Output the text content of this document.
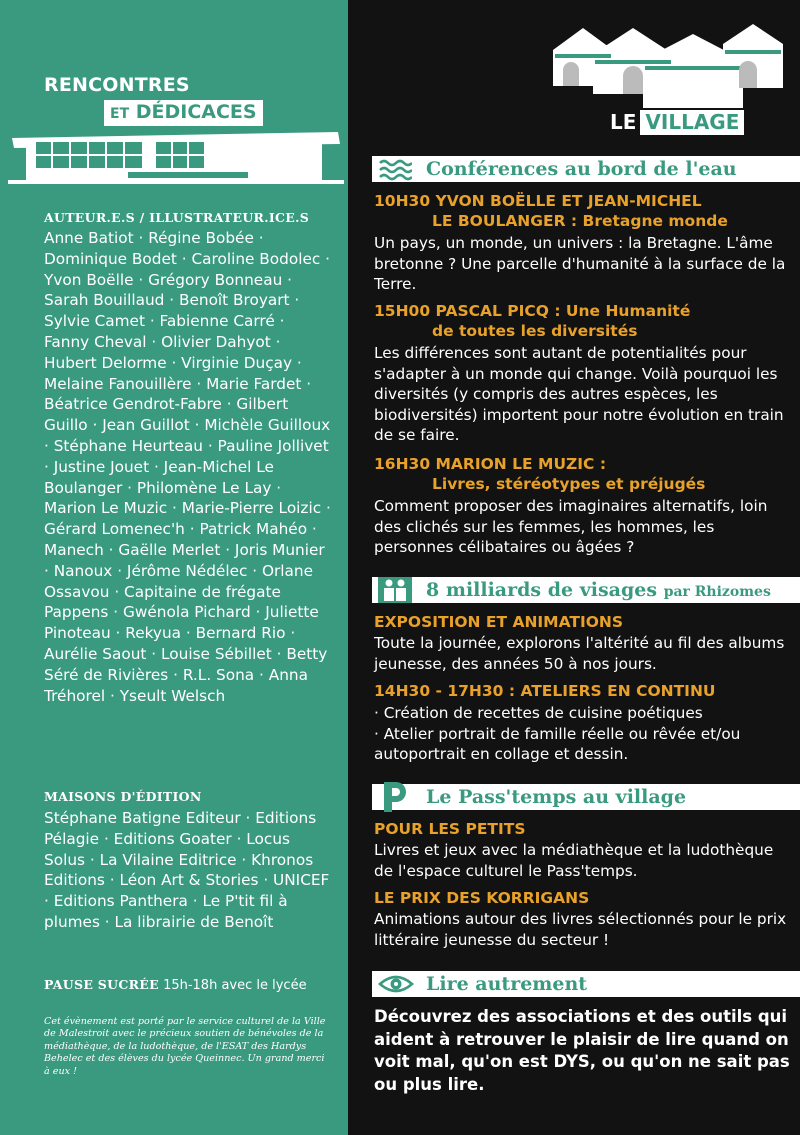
RENCONTRES
ET DÉDICACES
AUTEUR.E.S / ILLUSTRATEUR.ICE.S
Anne Batiot · Régine Bobée · Dominique Bodet · Caroline Bodolec · Yvon Boëlle · Grégory Bonneau · Sarah Bouillaud · Benoît Broyart · Sylvie Camet · Fabienne Carré · Fanny Cheval · Olivier Dahyot · Hubert Delorme · Virginie Duçay · Melaine Fanouillère · Marie Fardet · Béatrice Gendrot-Fabre · Gilbert Guillo · Jean Guillot · Michèle Guilloux · Stéphane Heurteau · Pauline Jollivet · Justine Jouet · Jean-Michel Le Boulanger · Philomène Le Lay · Marion Le Muzic · Marie-Pierre Loizic · Gérard Lomenec'h · Patrick Mahéo · Manech · Gaëlle Merlet · Joris Munier · Nanoux · Jérôme Nédélec · Orlane Ossavou · Capitaine de frégate Pappens · Gwénola Pichard · Juliette Pinoteau · Rekyua · Bernard Rio · Aurélie Saout · Louise Sébillet · Betty Séré de Rivières · R.L. Sona · Anna Tréhorel · Yseult Welsch
MAISONS D'ÉDITION
Stéphane Batigne Editeur · Editions Pélagie · Editions Goater · Locus Solus · La Vilaine Editrice · Khronos Editions · Léon Art & Stories · UNICEF · Editions Panthera · Le P'tit fil à plumes · La librairie de Benoît
PAUSE SUCRÉE 15h-18h avec le lycée
Cet évènement est porté par le service culturel de la Ville de Malestroit avec le précieux soutien de bénévoles de la médiathèque, de la ludothèque, de l'ESAT des Hardys Behelec et des élèves du lycée Queinnec. Un grand merci à eux !
LE VILLAGE
Conférences au bord de l'eau
10H30 YVON BOËLLE ET JEAN-MICHEL
LE BOULANGER : Bretagne monde
Un pays, un monde, un univers : la Bretagne. L'âme bretonne ? Une parcelle d'humanité à la surface de la Terre.
15H00 PASCAL PICQ : Une Humanité
de toutes les diversités
Les différences sont autant de potentialités pour s'adapter à un monde qui change. Voilà pourquoi les diversités (y compris des autres espèces, les biodiversités) importent pour notre évolution en train de se faire.
16H30 MARION LE MUZIC :
Livres, stéréotypes et préjugés
Comment proposer des imaginaires alternatifs, loin des clichés sur les femmes, les hommes, les personnes célibataires ou âgées ?
8 milliards de visages par Rhizomes
EXPOSITION ET ANIMATIONS
Toute la journée, explorons l'altérité au fil des albums jeunesse, des années 50 à nos jours.
14H30 - 17H30 : ATELIERS EN CONTINU
· Création de recettes de cuisine poétiques
· Atelier portrait de famille réelle ou rêvée et/ou autoportrait en collage et dessin.
Le Pass'temps au village
POUR LES PETITS
Livres et jeux avec la médiathèque et la ludothèque de l'espace culturel le Pass'temps.
LE PRIX DES KORRIGANS
Animations autour des livres sélectionnés pour le prix littéraire jeunesse du secteur !
Lire autrement
Découvrez des associations et des outils qui aident à retrouver le plaisir de lire quand on voit mal, qu'on est DYS, ou qu'on ne sait pas ou plus lire.
